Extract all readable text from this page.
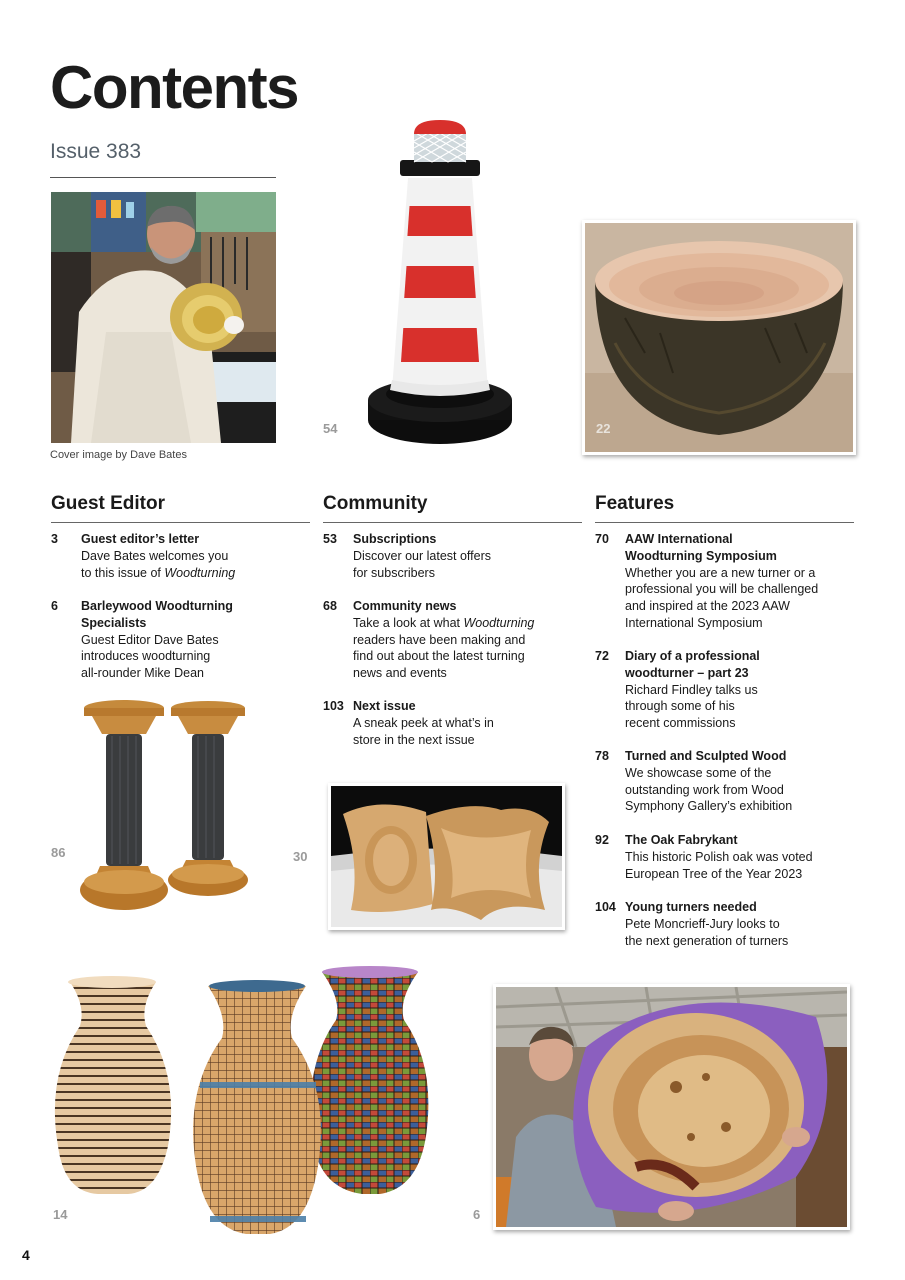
Contents
Issue 383
Cover image by Dave Bates
54	22
Guest Editor
3	Guest editor’s letter
Dave Bates welcomes you
to this issue of Woodturning
6	Barleywood Woodturning Specialists
Guest Editor Dave Bates
introduces woodturning
all-rounder Mike Dean
Community
53	Subscriptions
Discover our latest offers
for subscribers
68	Community news
Take a look at what Woodturning
readers have been making and
find out about the latest turning
news and events
103 Next issue
A sneak peek at what’s in
store in the next issue
Features
70	AAW International
Woodturning Symposium
Whether you are a new turner or a
professional you will be challenged
and inspired at the 2023 AAW
International Symposium
72	Diary of a professional
woodturner – part 23
Richard Findley talks us
through some of his
recent commissions
78	Turned and Sculpted Wood
We showcase some of the
outstanding work from Wood
Symphony Gallery’s exhibition
92	The Oak Fabrykant
This historic Polish oak was voted
European Tree of the Year 2023
104 Young turners needed
Pete Moncrieff-Jury looks to
the next generation of turners
86	30
14	6
4
